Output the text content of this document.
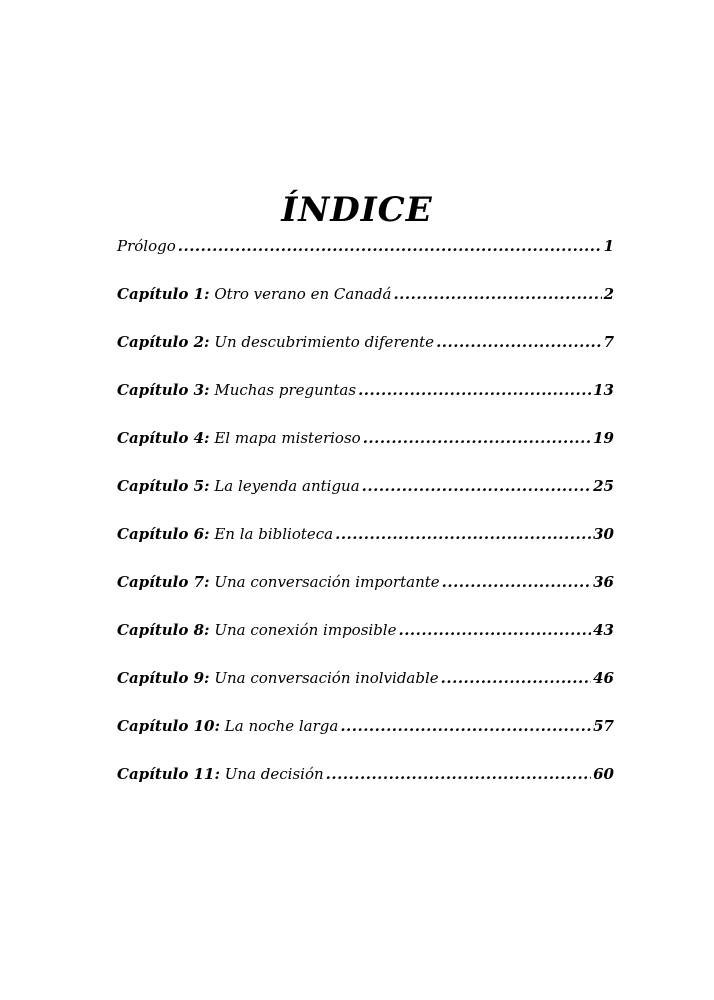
ÍNDICE
Prólogo .....	1
Capítulo 1: Otro verano en Canadá .....	2
Capítulo 2: Un descubrimiento diferente .....	7
Capítulo 3: Muchas preguntas .....	13
Capítulo 4: El mapa misterioso .....	19
Capítulo 5: La leyenda antigua .....	25
Capítulo 6: En la biblioteca .....	30
Capítulo 7: Una conversación importante .....	36
Capítulo 8: Una conexión imposible .....	43
Capítulo 9: Una conversación inolvidable .....	46
Capítulo 10: La noche larga .....	57
Capítulo 11: Una decisión .....	60
